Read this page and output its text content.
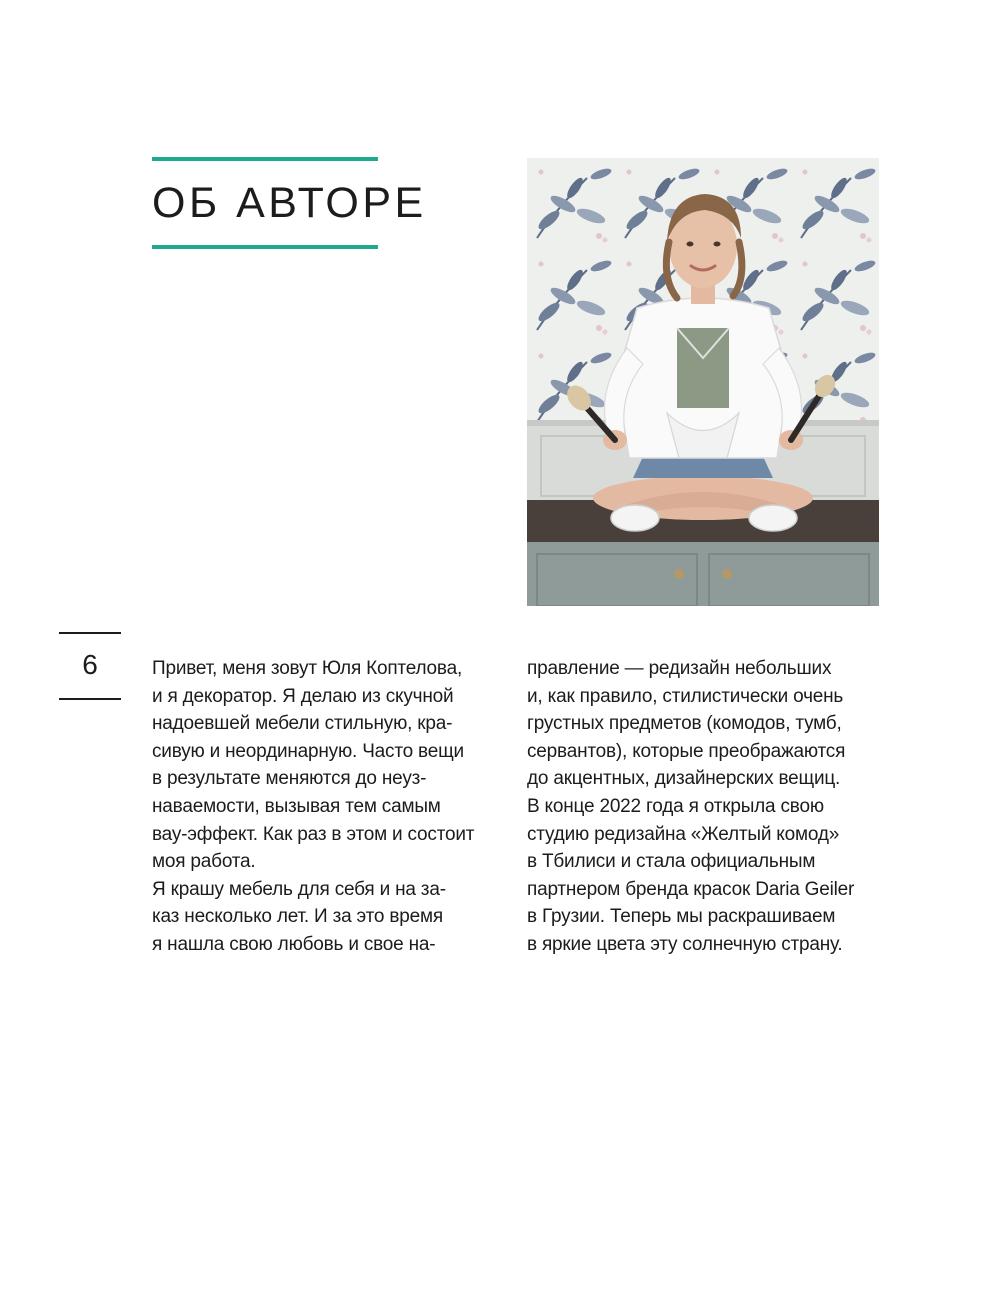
ОБ АВТОРЕ
6	Привет, меня зовут Юля Коптелова,
и я декоратор. Я делаю из скучной
надоевшей мебели стильную, кра-
сивую и неординарную. Часто вещи
в результате меняются до неуз-
наваемости, вызывая тем самым
вау-эффект. Как раз в этом и состоит
моя работа.
Я крашу мебель для себя и на за-
каз несколько лет. И за это время
я нашла свою любовь и свое на-
правление — редизайн небольших
и, как правило, стилистически очень
грустных предметов (комодов, тумб,
сервантов), которые преображаются
до акцентных, дизайнерских вещиц.
В конце 2022 года я открыла свою
студию редизайна «Желтый комод»
в Тбилиси и стала официальным
партнером бренда красок Daria Geiler
в Грузии. Теперь мы раскрашиваем
в яркие цвета эту солнечную страну.
